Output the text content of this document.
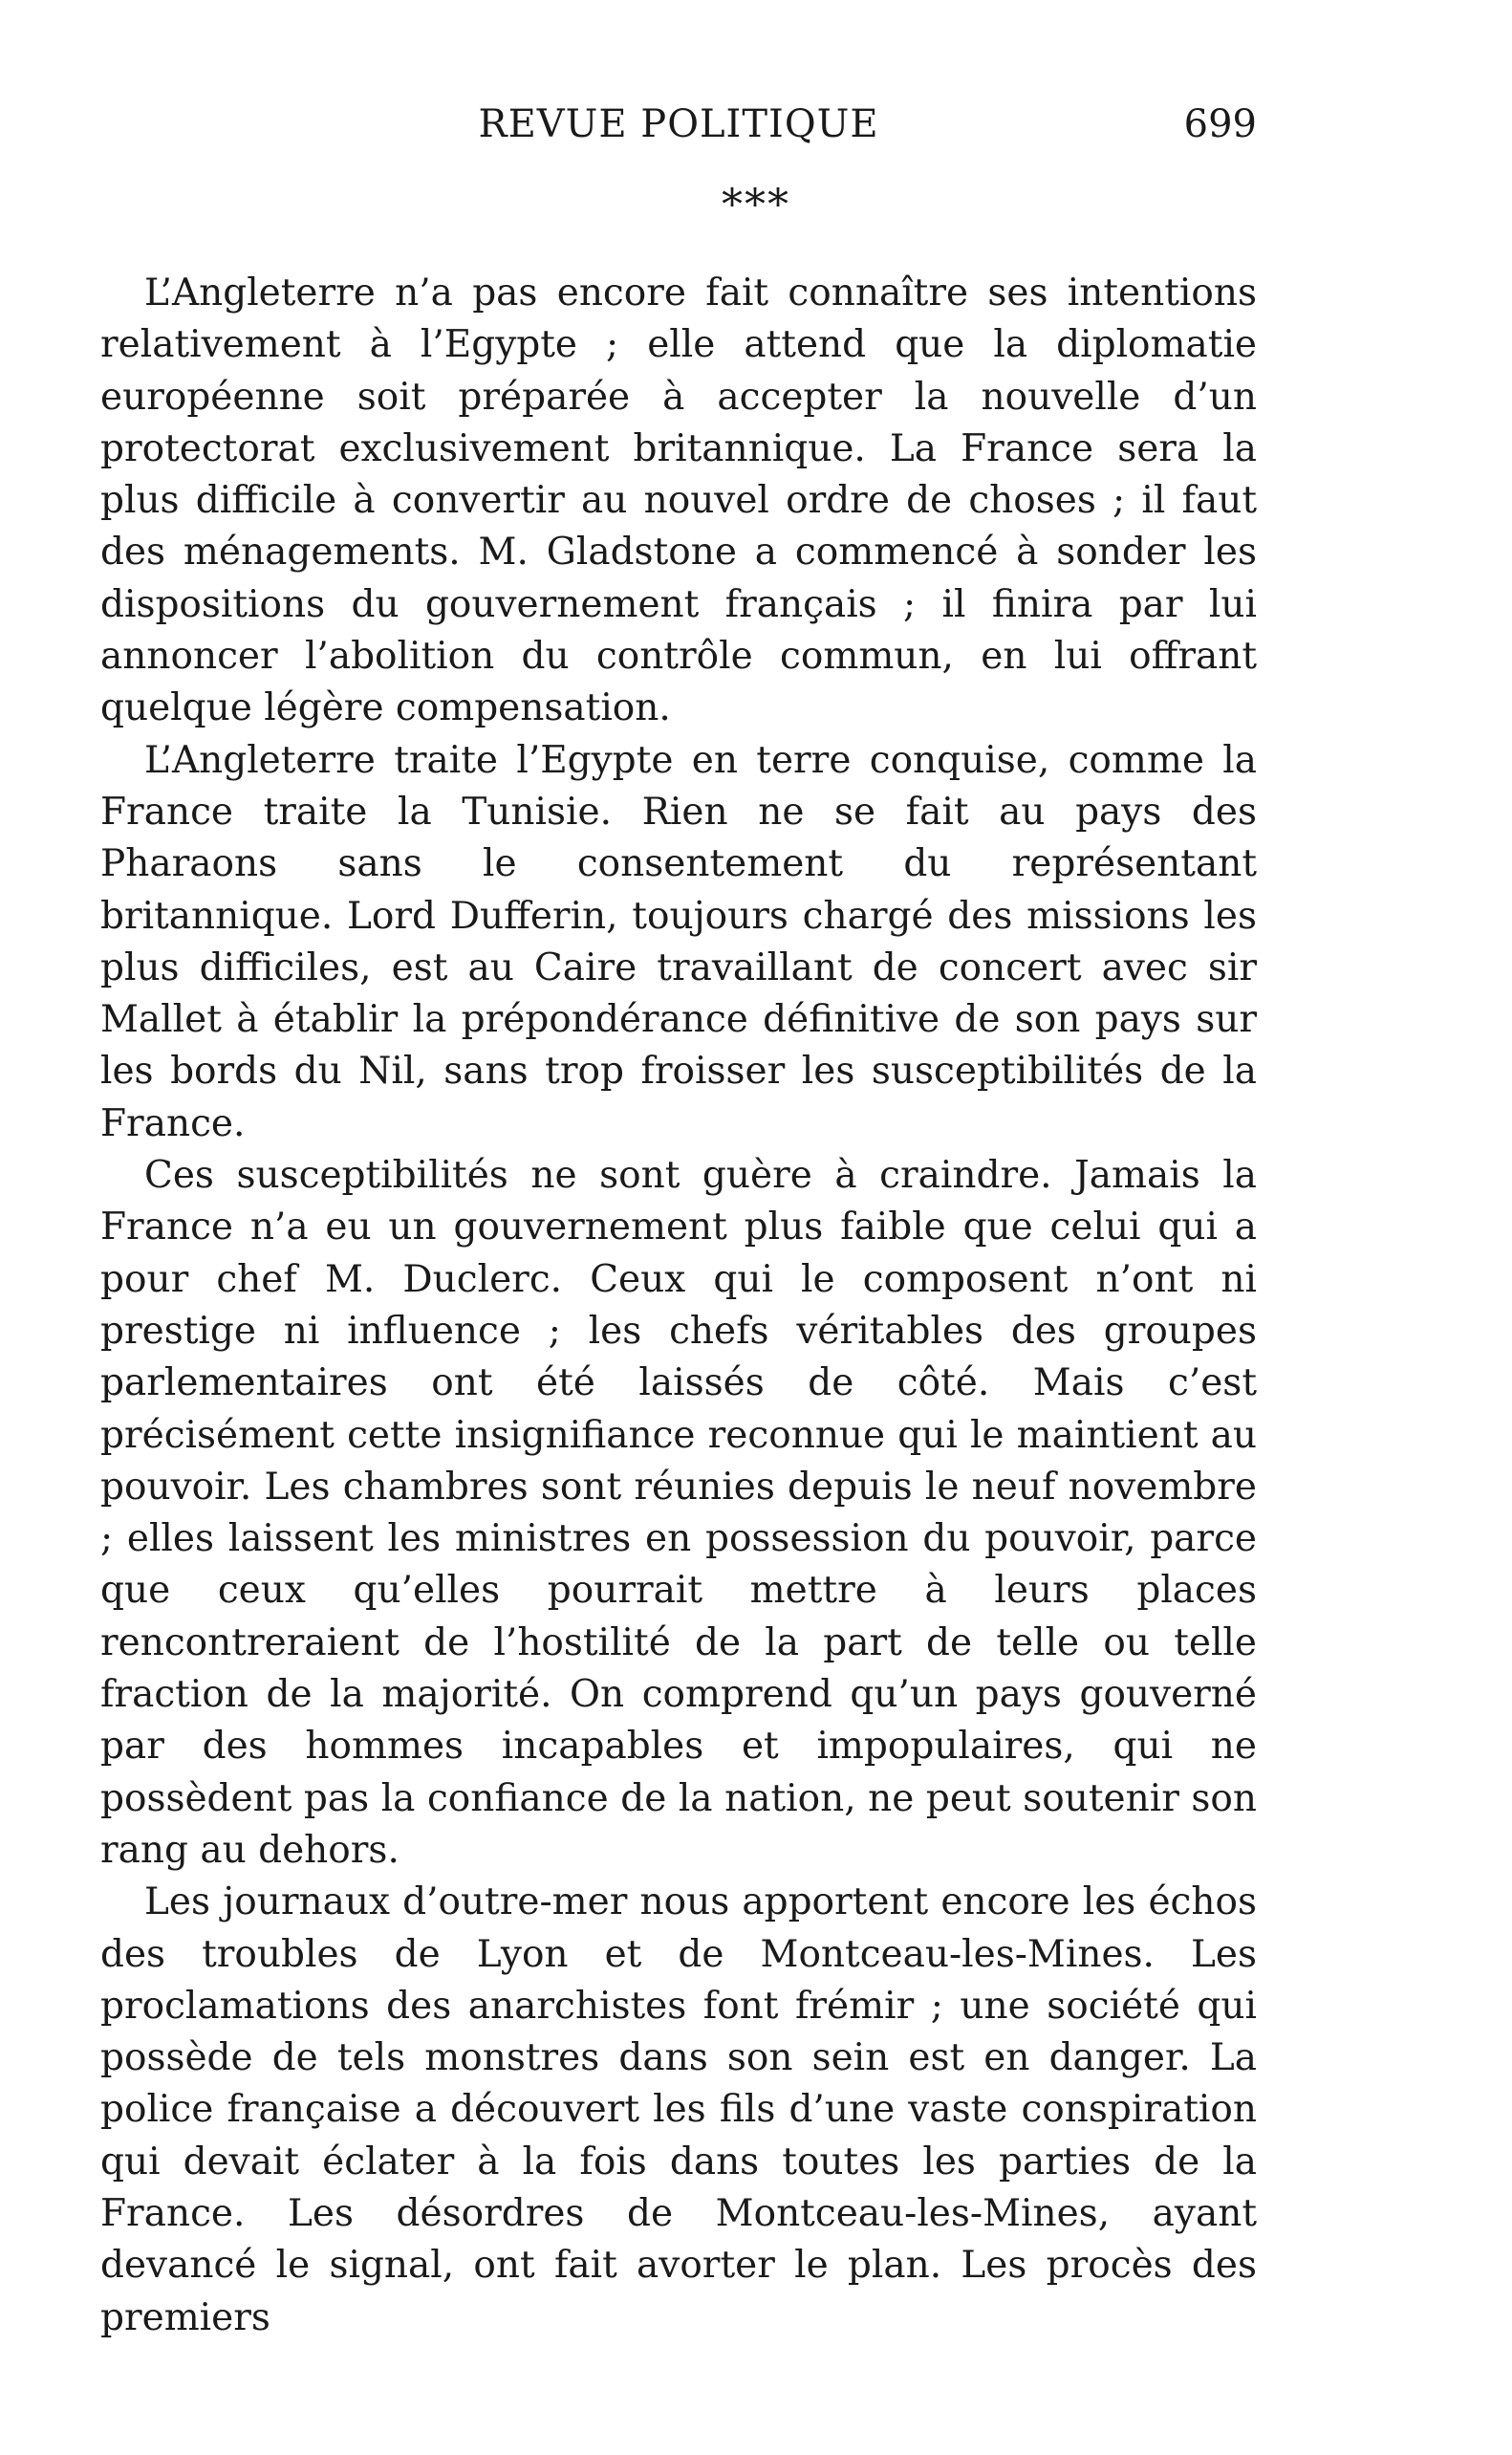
REVUE POLITIQUE	699
***

L’Angleterre n’a pas encore fait connaître ses intentions relativement à l’Egypte ; elle attend que la diplomatie européenne soit préparée à accepter la nouvelle d’un protectorat exclusivement britannique. La France sera la plus difficile à convertir au nouvel ordre de choses ; il faut des ménagements. M. Gladstone a commencé à sonder les dispositions du gouvernement français ; il finira par lui annoncer l’abolition du contrôle commun, en lui offrant quelque légère compensation.

L’Angleterre traite l’Egypte en terre conquise, comme la France traite la Tunisie. Rien ne se fait au pays des Pharaons sans le consentement du représentant britannique. Lord Dufferin, toujours chargé des missions les plus difficiles, est au Caire travaillant de concert avec sir Mallet à établir la prépondérance définitive de son pays sur les bords du Nil, sans trop froisser les susceptibilités de la France.

Ces susceptibilités ne sont guère à craindre. Jamais la France n’a eu un gouvernement plus faible que celui qui a pour chef M. Duclerc. Ceux qui le composent n’ont ni prestige ni influence ; les chefs véritables des groupes parlementaires ont été laissés de côté. Mais c’est précisément cette insignifiance reconnue qui le maintient au pouvoir. Les chambres sont réunies depuis le neuf novembre ; elles laissent les ministres en possession du pouvoir, parce que ceux qu’elles pourrait mettre à leurs places rencontreraient de l’hostilité de la part de telle ou telle fraction de la majorité. On comprend qu’un pays gouverné par des hommes incapables et impopulaires, qui ne possèdent pas la confiance de la nation, ne peut soutenir son rang au dehors.

Les journaux d’outre-mer nous apportent encore les échos des troubles de Lyon et de Montceau-les-Mines. Les proclamations des anarchistes font frémir ; une société qui possède de tels monstres dans son sein est en danger. La police française a découvert les fils d’une vaste conspiration qui devait éclater à la fois dans toutes les parties de la France. Les désordres de Montceau-les-Mines, ayant devancé le signal, ont fait avorter le plan. Les procès des premiers
